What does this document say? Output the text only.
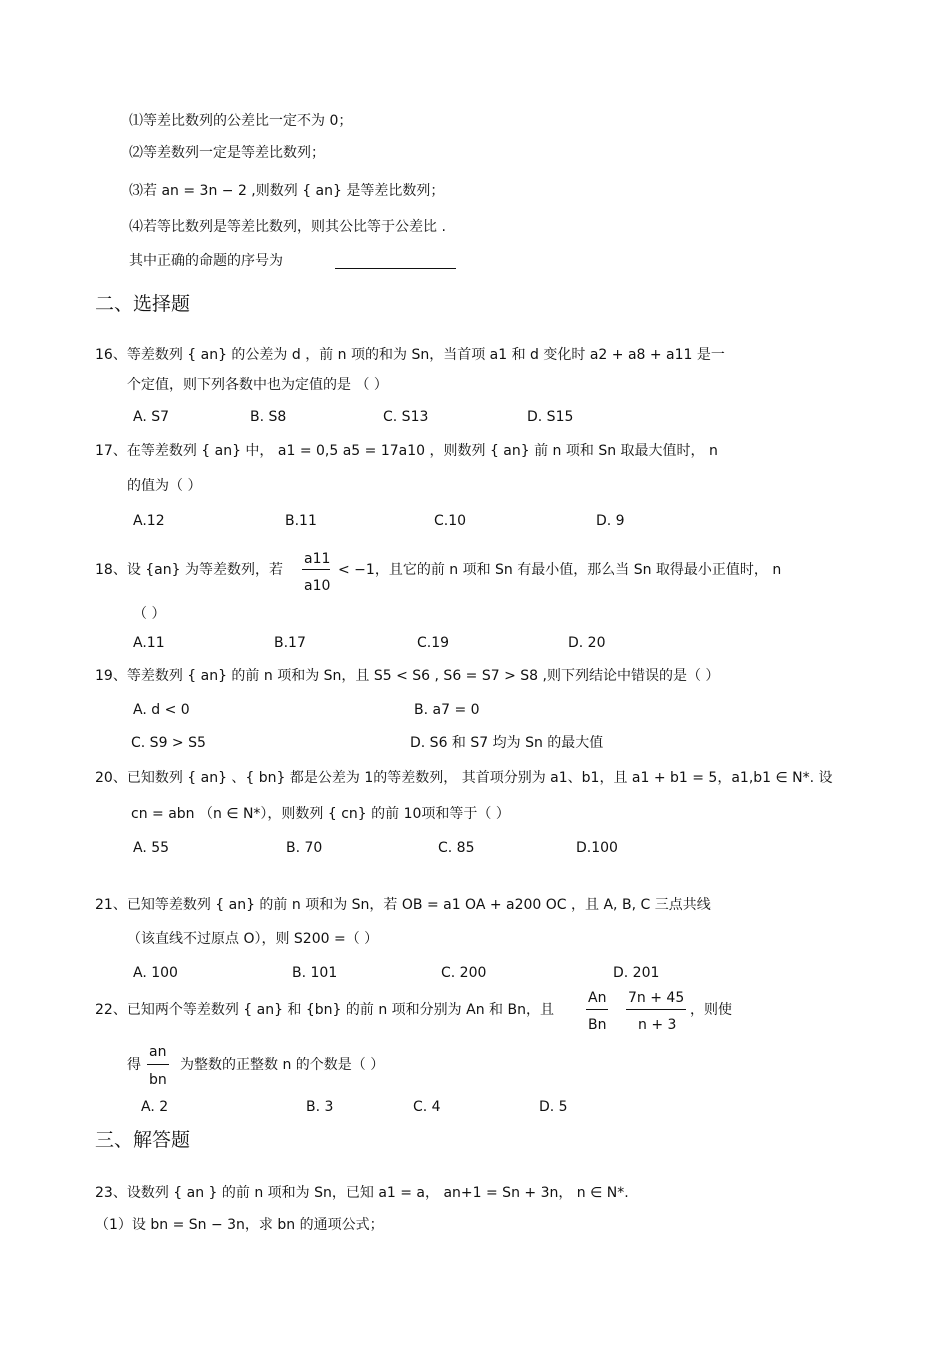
⑴等差比数列的公差比一定不为 0；
⑵等差数列一定是等差比数列；
⑶若 an = 3n − 2 ,则数列 { an} 是等差比数列；
⑷若等比数列是等差比数列，则其公比等于公差比 .
其中正确的命题的序号为
二、选择题
16、等差数列 { an} 的公差为 d ，前 n 项的和为 Sn，当首项 a1 和 d 变化时 a2 + a8 + a11 是一
个定值，则下列各数中也为定值的是 （ ）
A. S7	B. S8	C. S13	D. S15
17、在等差数列 { an} 中， a1 = 0,5 a5 = 17a10 ，则数列 { an} 前 n 项和 Sn 取最大值时， n
的值为（ ）
A.12	B.11	C.10	D. 9
18、设 {an} 为等差数列，若
a11
a10
< −1，且它的前 n 项和 Sn 有最小值，那么当 Sn 取得最小正值时， n
（ ）
A.11	B.17	C.19	D. 20
19、等差数列 { an} 的前 n 项和为 Sn，且 S5 < S6 , S6 = S7 > S8 ,则下列结论中错误的是（ ）
A. d < 0	B. a7 = 0
C. S9 > S5	D. S6 和 S7 均为 Sn 的最大值
20、已知数列 { an} 、{ bn} 都是公差为 1的等差数列， 其首项分别为 a1、b1，且 a1 + b1 = 5，a1,b1 ∈ N*. 设
cn = abn （n ∈ N*），则数列 { cn} 的前 10项和等于（ ）
A. 55	B. 70	C. 85	D.100
21、已知等差数列 { an} 的前 n 项和为 Sn，若 OB = a1 OA + a200 OC ，且 A, B, C 三点共线
（该直线不过原点 O），则 S200 =（ ）
A. 100	B. 101	C. 200	D. 201
22、已知两个等差数列 { an} 和 {bn} 的前 n 项和分别为 An 和 Bn，且
An
Bn
7n + 45
n + 3
，则使
得
an
bn
为整数的正整数 n 的个数是（ ）
A. 2	B. 3	C. 4	D. 5
三、解答题
23、设数列 { an } 的前 n 项和为 Sn，已知 a1 = a， an+1 = Sn + 3n， n ∈ N*.
（1）设 bn = Sn − 3n，求 bn 的通项公式；
